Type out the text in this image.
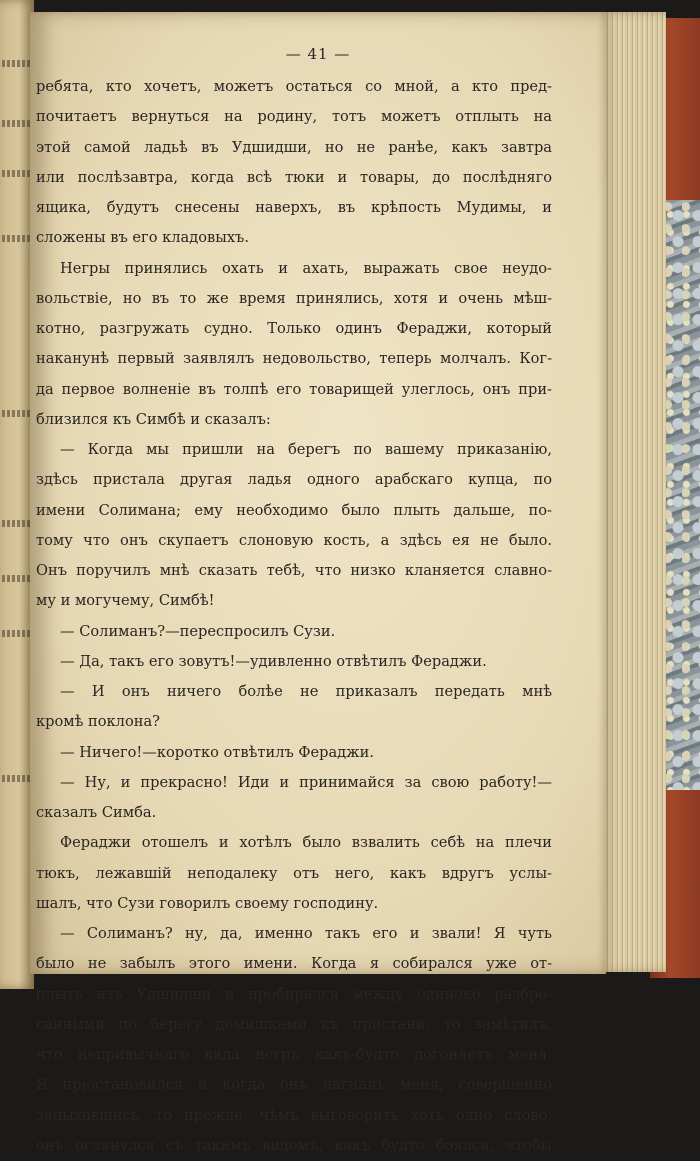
— 41 —
ребята, кто хочетъ, можетъ остаться со мной, а кто пред-
почитаетъ вернуться на родину, тотъ можетъ отплыть на
этой самой ладьѣ въ Удшидши, но не ранѣе, какъ завтра
или послѣзавтра, когда всѣ тюки и товары, до послѣдняго
ящика, будутъ снесены наверхъ, въ крѣпость Мудимы, и
сложены въ его кладовыхъ.
Негры принялись охать и ахать, выражать свое неудо-
вольствіе, но въ то же время принялись, хотя и очень мѣш-
котно, разгружать судно. Только одинъ Фераджи, который
наканунѣ первый заявлялъ недовольство, теперь молчалъ. Ког-
да первое волненіе въ толпѣ его товарищей улеглось, онъ при-
близился къ Симбѣ и сказалъ:
— Когда мы пришли на берегъ по вашему приказанію,
здѣсь пристала другая ладья одного арабскаго купца, по
имени Солимана; ему необходимо было плыть дальше, по-
тому что онъ скупаетъ слоновую кость, а здѣсь ея не было.
Онъ поручилъ мнѣ сказать тебѣ, что низко кланяется славно-
му и могучему, Симбѣ!
— Солиманъ?—переспросилъ Сузи.
— Да, такъ его зовутъ!—удивленно отвѣтилъ Фераджи.
— И онъ ничего болѣе не приказалъ передать мнѣ
кромѣ поклона?
— Ничего!—коротко отвѣтилъ Фераджи.
— Ну, и прекрасно! Иди и принимайся за свою работу!—
сказалъ Симба.
Фераджи отошелъ и хотѣлъ было взвалить себѣ на плечи
тюкъ, лежавшій неподалеку отъ него, какъ вдругъ услы-
шалъ, что Сузи говорилъ своему господину.
— Солиманъ? ну, да, именно такъ его и звали! Я чуть
было не забылъ этого имени. Когда я собирался уже от-
плыть изъ Удшидши и пробирался между одиноко разбро-
санными по берегу домишками къ пристани, то замѣтилъ,
что непривычнаго вида негръ какъ-будто догоняетъ меня.
Я пріостановился и когда онъ нагналъ меня, совершенно
запыхавшись, то прежде, чѣмъ выговорить хоть одно слово,
онъ оглянулся съ такимъ видомъ, какъ будто боялся, чтобы
